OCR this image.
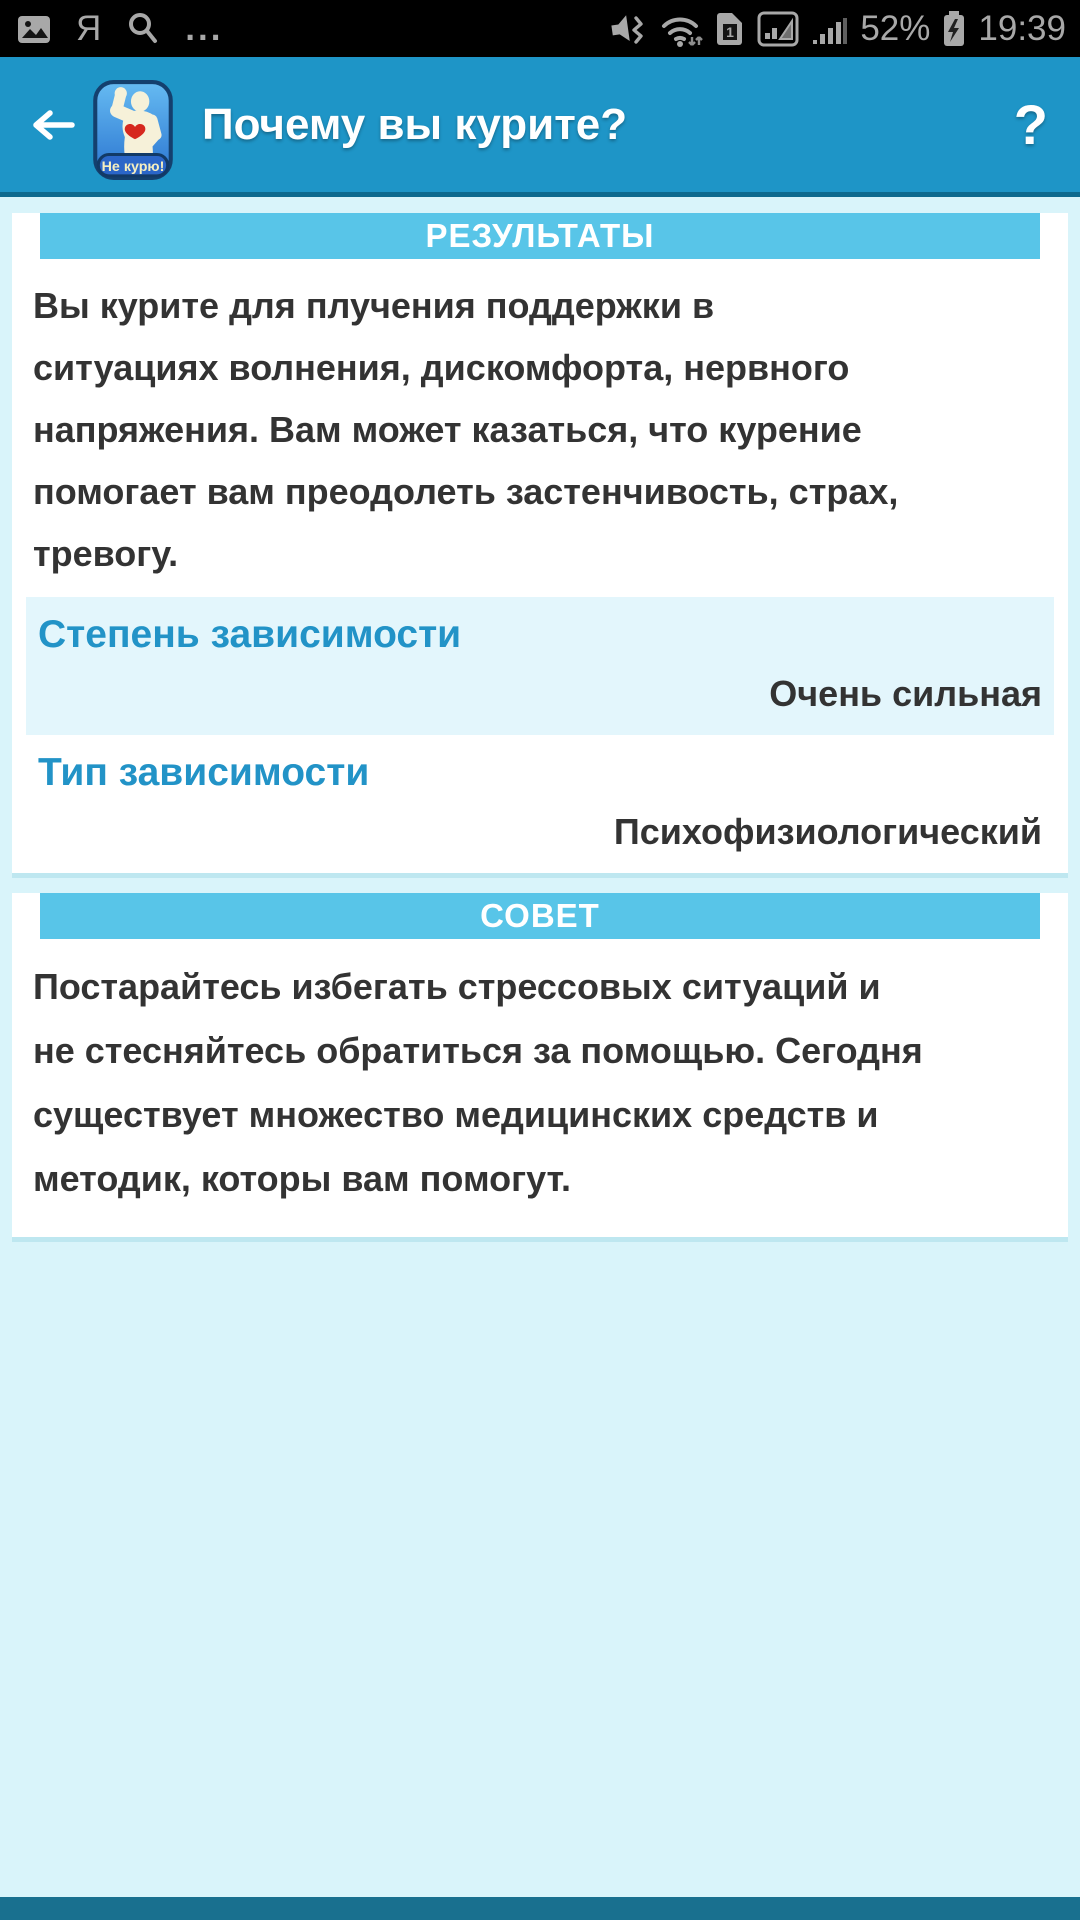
Я ...	1	52% 19:39
Не курю!
Почему вы курите?	?
РЕЗУЛЬТАТЫ
Вы курите для плучения поддержки в
ситуациях волнения, дискомфорта, нервного
напряжения. Вам может казаться, что курение
помогает вам преодолеть застенчивость, страх,
тревогу.
Степень зависимости
Очень сильная
Тип зависимости
Психофизиологический
СОВЕТ
Постарайтесь избегать стрессовых ситуаций и
не стесняйтесь обратиться за помощью. Сегодня
существует множество медицинских средств и
методик, которы вам помогут.
